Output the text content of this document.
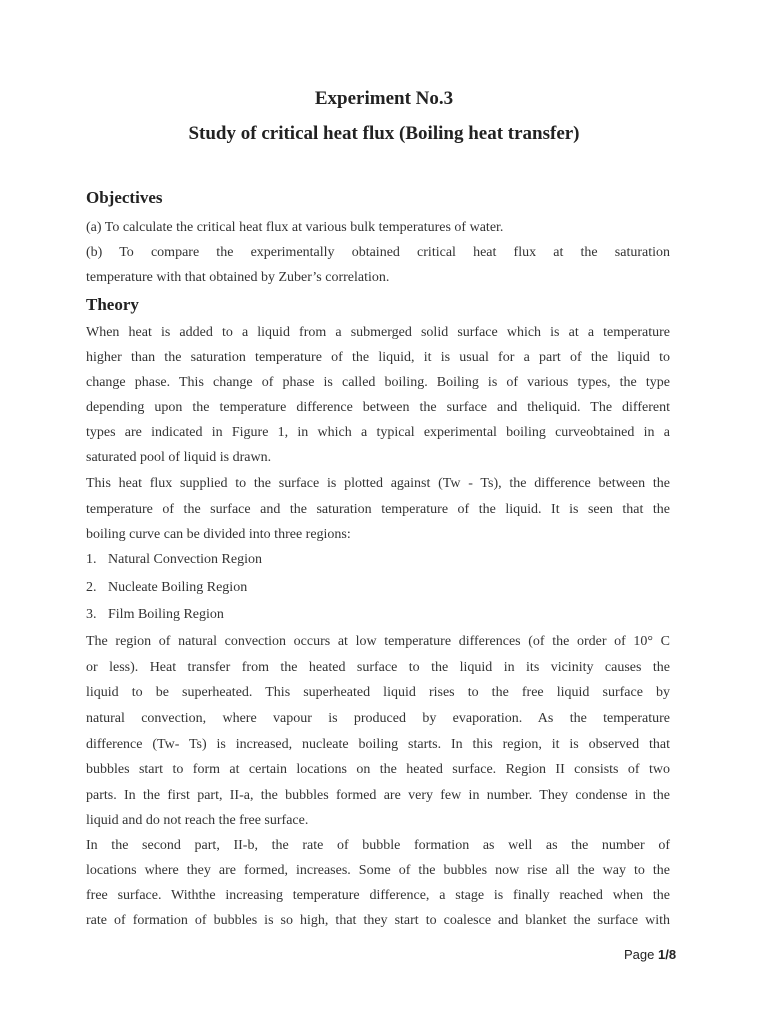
Experiment No.3
Study of critical heat flux (Boiling heat transfer)
Objectives
(a) To calculate the critical heat flux at various bulk temperatures of water.
(b) To compare the experimentally obtained critical heat flux at the saturation
temperature with that obtained by Zuber’s correlation.
Theory
When heat is added to a liquid from a submerged solid surface which is at a temperature
higher than the saturation temperature of the liquid, it is usual for a part of the liquid to
change phase. This change of phase is called boiling. Boiling is of various types, the type
depending upon the temperature difference between the surface and theliquid. The different
types are indicated in Figure 1, in which a typical experimental boiling curveobtained in a
saturated pool of liquid is drawn.
This heat flux supplied to the surface is plotted against (Tw - Ts), the difference between the
temperature of the surface and the saturation temperature of the liquid. It is seen that the
boiling curve can be divided into three regions:
1. Natural Convection Region
2. Nucleate Boiling Region
3. Film Boiling Region
The region of natural convection occurs at low temperature differences (of the order of 10° C
or less). Heat transfer from the heated surface to the liquid in its vicinity causes the
liquid to be superheated. This superheated liquid rises to the free liquid surface by
natural convection, where vapour is produced by evaporation. As the temperature
difference (Tw- Ts) is increased, nucleate boiling starts. In this region, it is observed that
bubbles start to form at certain locations on the heated surface. Region II consists of two
parts. In the first part, II-a, the bubbles formed are very few in number. They condense in the
liquid and do not reach the free surface.
In the second part, II-b, the rate of bubble formation as well as the number of
locations where they are formed, increases. Some of the bubbles now rise all the way to the
free surface. Withthe increasing temperature difference, a stage is finally reached when the
rate of formation of bubbles is so high, that they start to coalesce and blanket the surface with
Page 1/8
